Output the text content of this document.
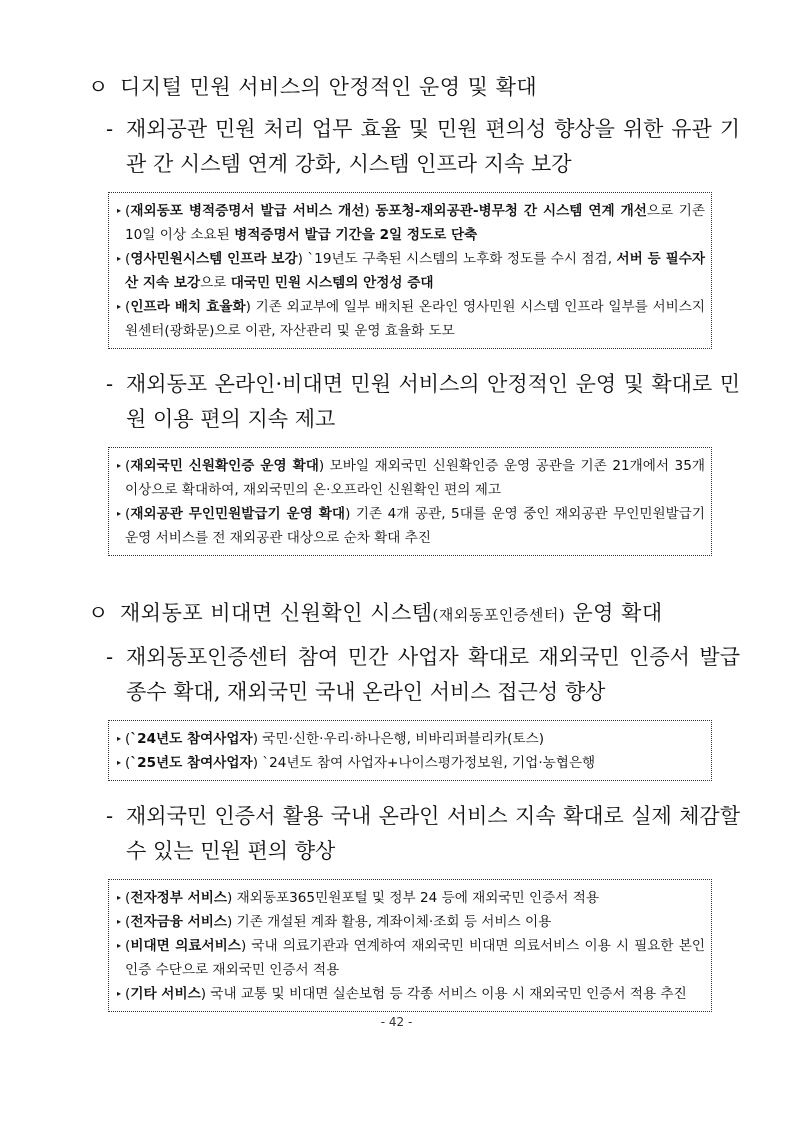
ㅇ 디지털 민원 서비스의 안정적인 운영 및 확대
- 재외공관 민원 처리 업무 효율 및 민원 편의성 향상을 위한 유관 기관 간 시스템 연계 강화, 시스템 인프라 지속 보강
▸ (재외동포 병적증명서 발급 서비스 개선) 동포청-재외공관-병무청 간 시스템 연계 개선으로 기존 10일 이상 소요된 병적증명서 발급 기간을 2일 정도로 단축
▸ (영사민원시스템 인프라 보강) `19년도 구축된 시스템의 노후화 정도를 수시 점검, 서버 등 필수자산 지속 보강으로 대국민 민원 시스템의 안정성 증대
▸ (인프라 배치 효율화) 기존 외교부에 일부 배치된 온라인 영사민원 시스템 인프라 일부를 서비스지원센터(광화문)으로 이관, 자산관리 및 운영 효율화 도모
- 재외동포 온라인·비대면 민원 서비스의 안정적인 운영 및 확대로 민원 이용 편의 지속 제고
▸ (재외국민 신원확인증 운영 확대) 모바일 재외국민 신원확인증 운영 공관을 기존 21개에서 35개 이상으로 확대하여, 재외국민의 온·오프라인 신원확인 편의 제고
▸ (재외공관 무인민원발급기 운영 확대) 기존 4개 공관, 5대를 운영 중인 재외공관 무인민원발급기 운영 서비스를 전 재외공관 대상으로 순차 확대 추진
ㅇ 재외동포 비대면 신원확인 시스템(재외동포인증센터) 운영 확대
- 재외동포인증센터 참여 민간 사업자 확대로 재외국민 인증서 발급 종수 확대, 재외국민 국내 온라인 서비스 접근성 향상
▸ (`24년도 참여사업자) 국민·신한·우리·하나은행, 비바리퍼블리카(토스)
▸ (`25년도 참여사업자) `24년도 참여 사업자+나이스평가정보원, 기업·농협은행
- 재외국민 인증서 활용 국내 온라인 서비스 지속 확대로 실제 체감할 수 있는 민원 편의 향상
▸ (전자정부 서비스) 재외동포365민원포털 및 정부 24 등에 재외국민 인증서 적용
▸ (전자금융 서비스) 기존 개설된 계좌 활용, 계좌이체·조회 등 서비스 이용
▸ (비대면 의료서비스) 국내 의료기관과 연계하여 재외국민 비대면 의료서비스 이용 시 필요한 본인인증 수단으로 재외국민 인증서 적용
▸ (기타 서비스) 국내 교통 및 비대면 실손보험 등 각종 서비스 이용 시 재외국민 인증서 적용 추진
- 42 -
